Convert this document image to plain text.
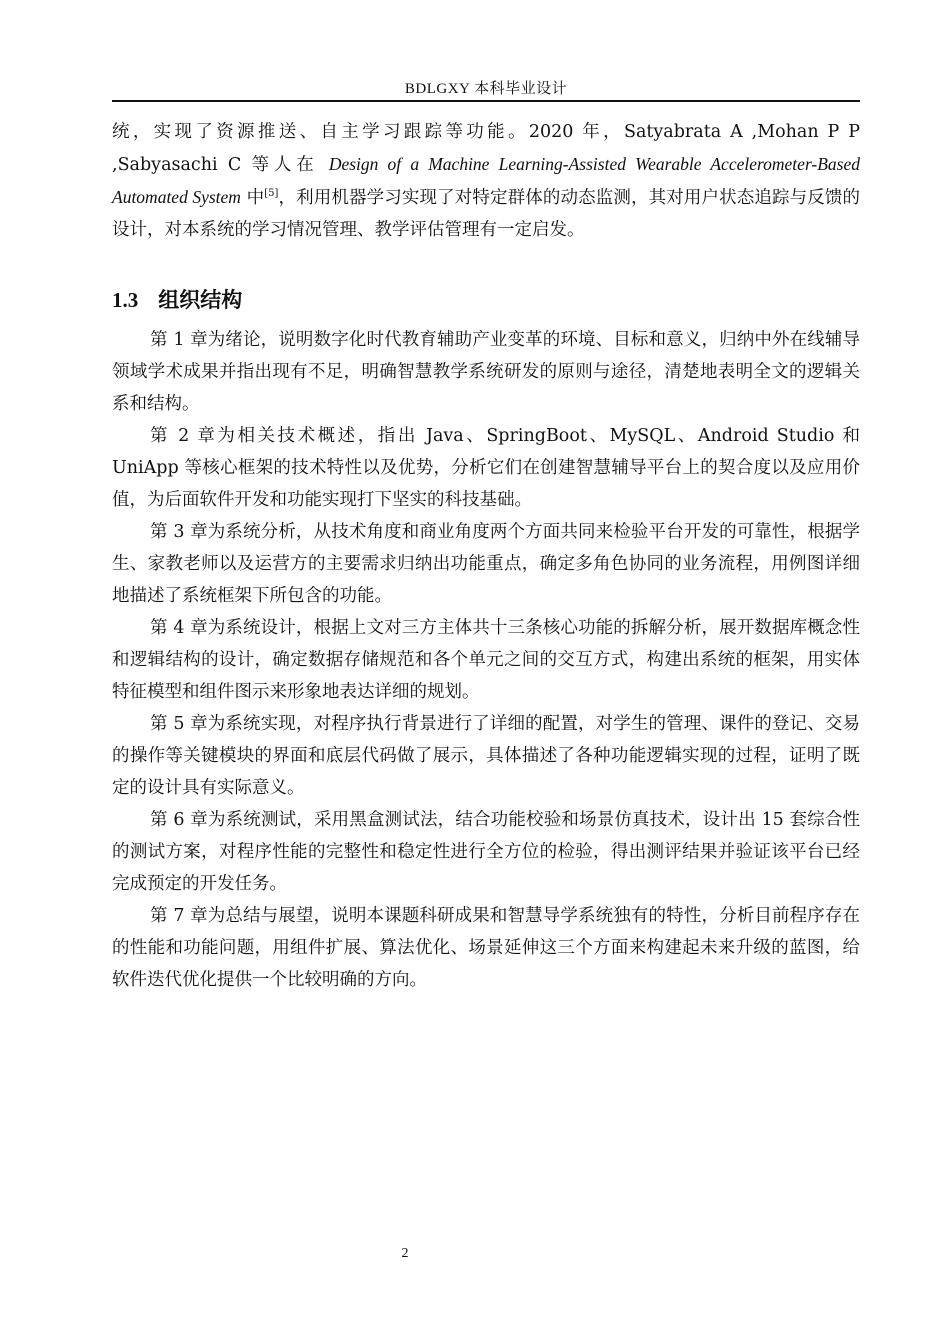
BDLGXY 本科毕业设计

统，实现了资源推送、自主学习跟踪等功能。2020 年，Satyabrata A ,Mohan P P ,Sabyasachi C 等人在 Design of a Machine Learning-Assisted Wearable Accelerometer-Based Automated System 中[5]，利用机器学习实现了对特定群体的动态监测，其对用户状态追踪与反馈的设计，对本系统的学习情况管理、教学评估管理有一定启发。

1.3 组织结构

第 1 章为绪论，说明数字化时代教育辅助产业变革的环境、目标和意义，归纳中外在线辅导领域学术成果并指出现有不足，明确智慧教学系统研发的原则与途径，清楚地表明全文的逻辑关系和结构。

第 2 章为相关技术概述，指出 Java、SpringBoot、MySQL、Android Studio 和 UniApp 等核心框架的技术特性以及优势，分析它们在创建智慧辅导平台上的契合度以及应用价值，为后面软件开发和功能实现打下坚实的科技基础。

第 3 章为系统分析，从技术角度和商业角度两个方面共同来检验平台开发的可靠性，根据学生、家教老师以及运营方的主要需求归纳出功能重点，确定多角色协同的业务流程，用例图详细地描述了系统框架下所包含的功能。

第 4 章为系统设计，根据上文对三方主体共十三条核心功能的拆解分析，展开数据库概念性和逻辑结构的设计，确定数据存储规范和各个单元之间的交互方式，构建出系统的框架，用实体特征模型和组件图示来形象地表达详细的规划。

第 5 章为系统实现，对程序执行背景进行了详细的配置，对学生的管理、课件的登记、交易的操作等关键模块的界面和底层代码做了展示，具体描述了各种功能逻辑实现的过程，证明了既定的设计具有实际意义。

第 6 章为系统测试，采用黑盒测试法，结合功能校验和场景仿真技术，设计出 15 套综合性的测试方案，对程序性能的完整性和稳定性进行全方位的检验，得出测评结果并验证该平台已经完成预定的开发任务。

第 7 章为总结与展望，说明本课题科研成果和智慧导学系统独有的特性，分析目前程序存在的性能和功能问题，用组件扩展、算法优化、场景延伸这三个方面来构建起未来升级的蓝图，给软件迭代优化提供一个比较明确的方向。

2
